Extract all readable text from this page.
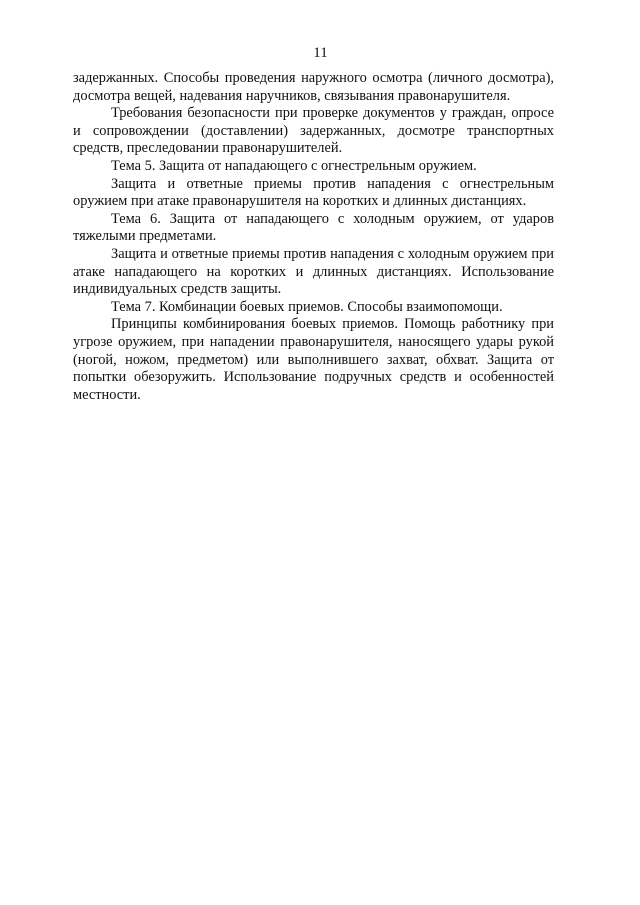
11

задержанных. Способы проведения наружного осмотра (личного досмотра), досмотра вещей, надевания наручников, связывания правонарушителя.

Требования безопасности при проверке документов у граждан, опросе и сопровождении (доставлении) задержанных, досмотре транспортных средств, преследовании правонарушителей.

Тема 5. Защита от нападающего с огнестрельным оружием.

Защита и ответные приемы против нападения с огнестрельным оружием при атаке правонарушителя на коротких и длинных дистанциях.

Тема 6. Защита от нападающего с холодным оружием, от ударов тяжелыми предметами.

Защита и ответные приемы против нападения с холодным оружием при атаке нападающего на коротких и длинных дистанциях. Использование индивидуальных средств защиты.

Тема 7. Комбинации боевых приемов. Способы взаимопомощи.

Принципы комбинирования боевых приемов. Помощь работнику при угрозе оружием, при нападении правонарушителя, наносящего удары рукой (ногой, ножом, предметом) или выполнившего захват, обхват. Защита от попытки обезоружить. Использование подручных средств и особенностей местности.
